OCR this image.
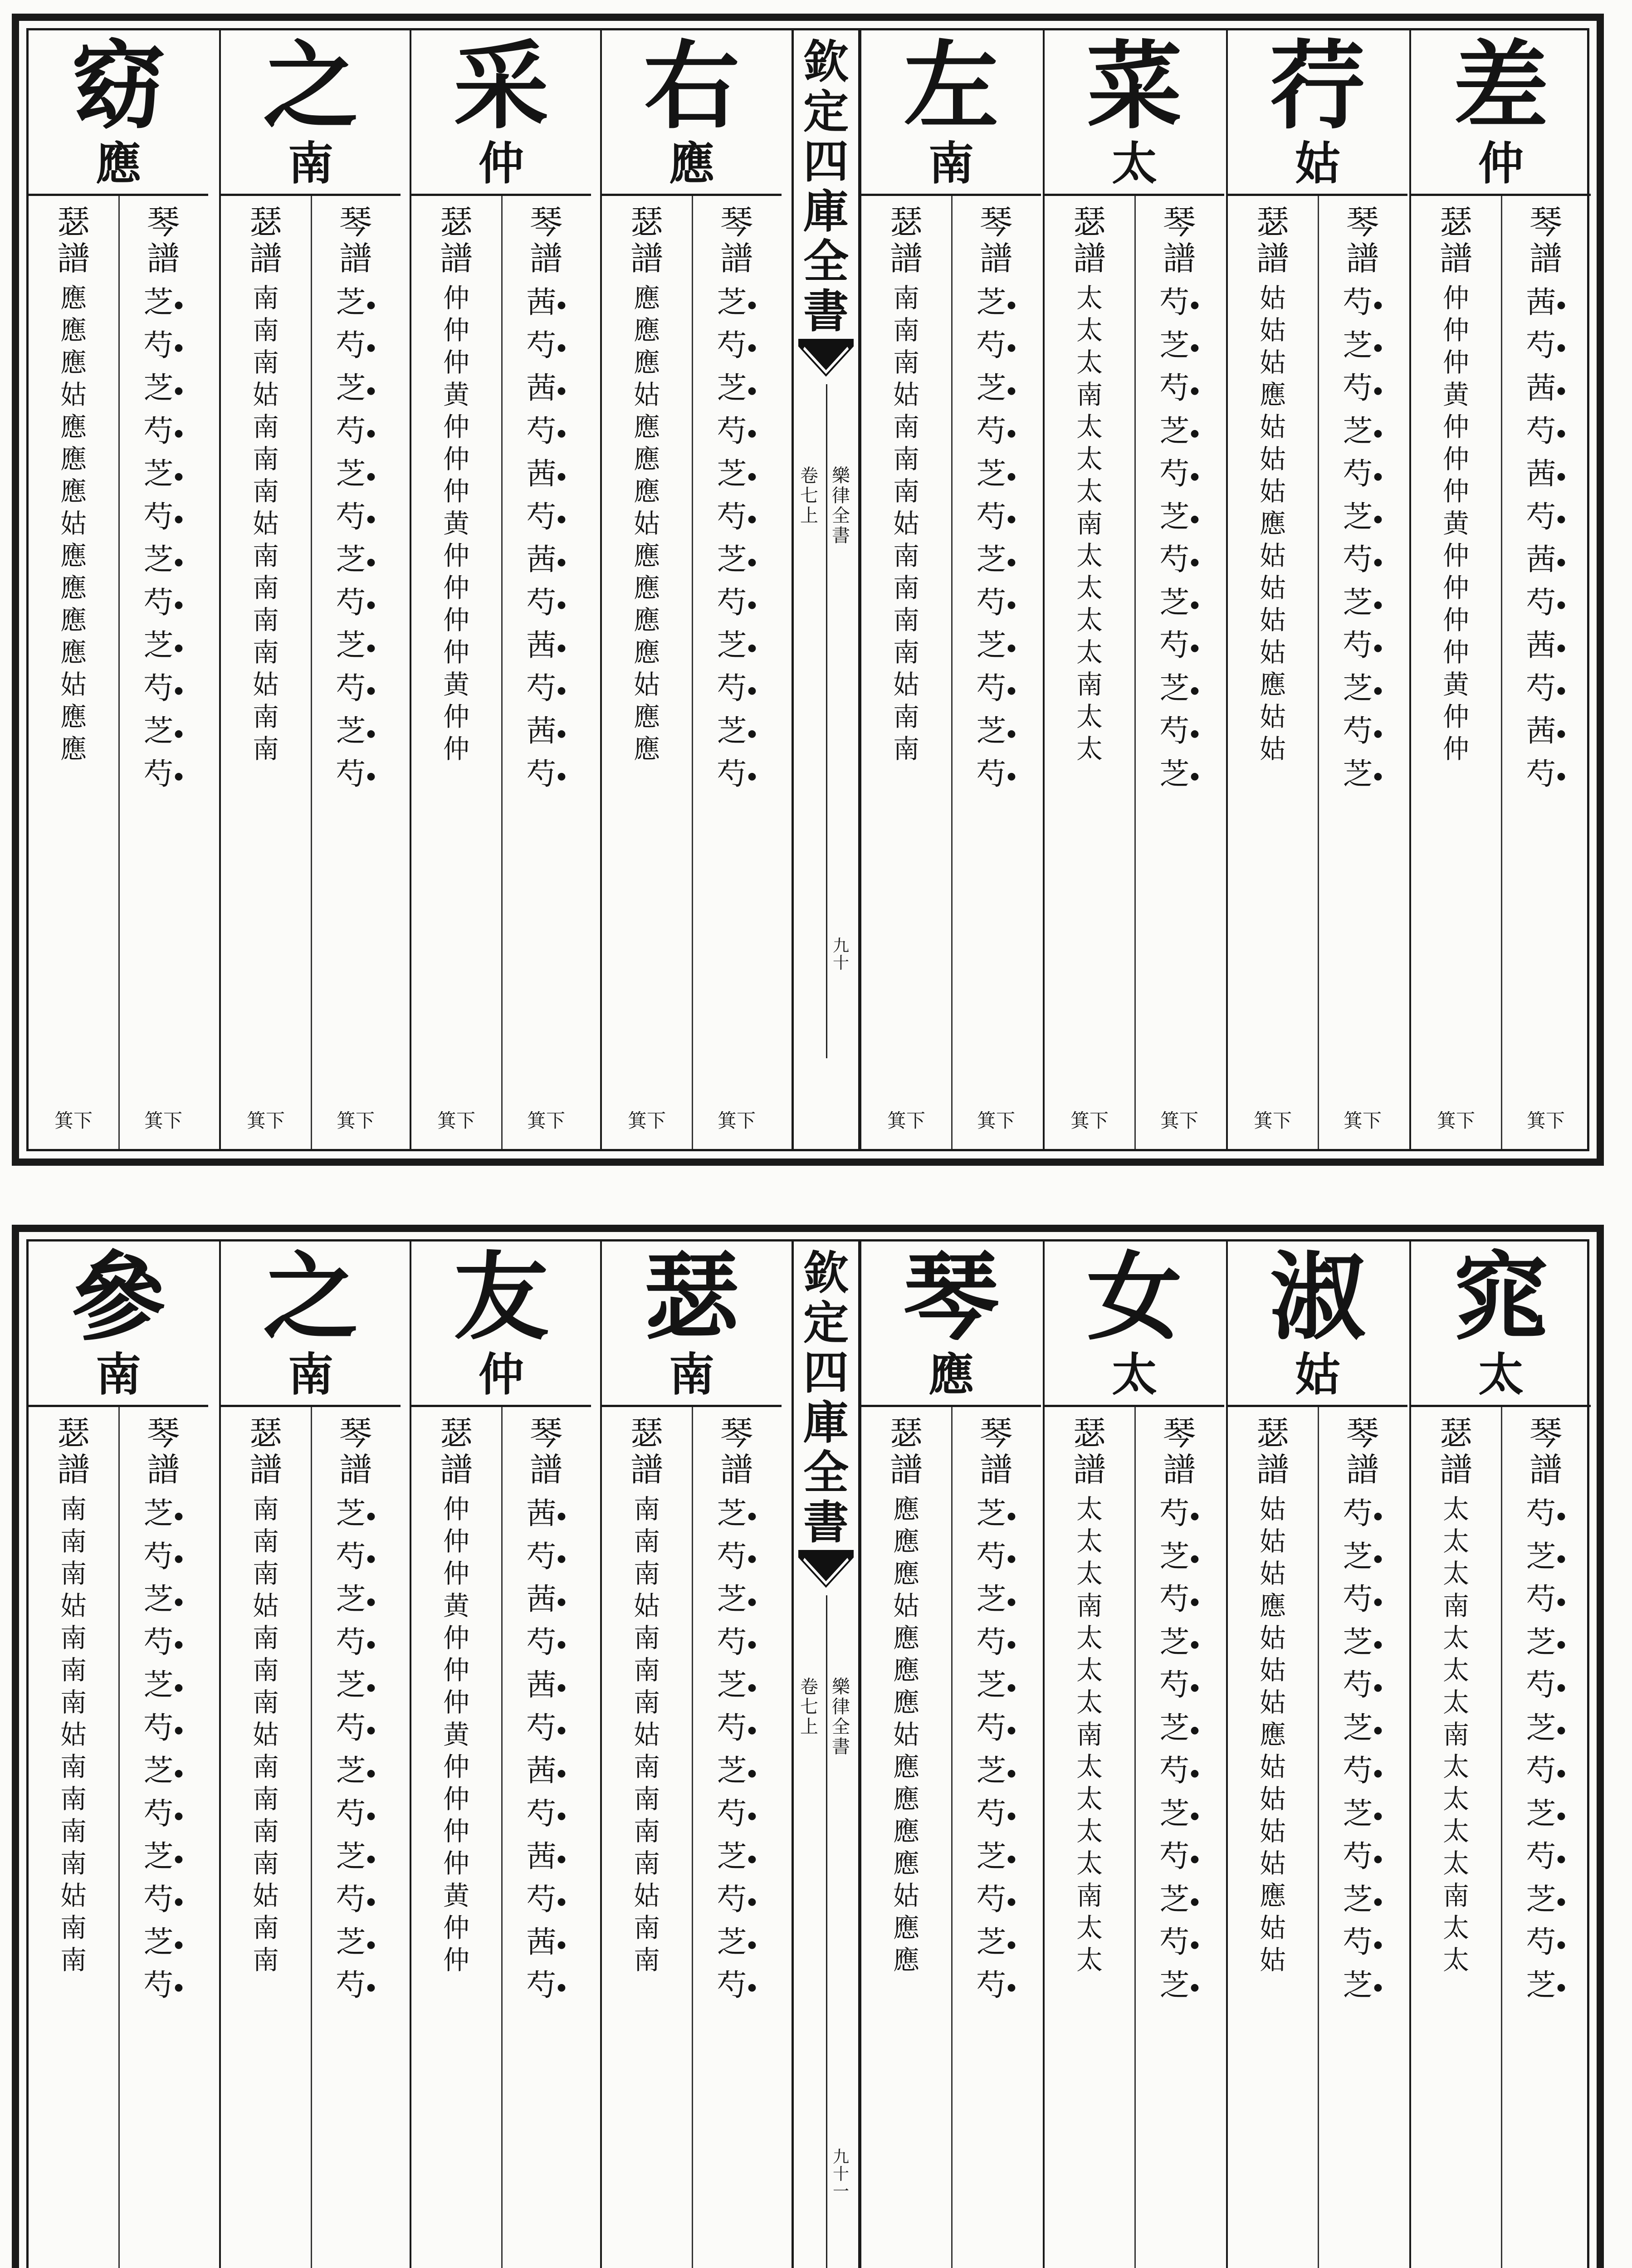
窈
應
琴
譜
芝 ●
芍 ●
芝 ●
芍 ●
芝 ●
芍 ●
芝 ●
芍 ●
芝 ●
芍 ●
芝 ●
芍 ●
箕下
瑟
譜
應
應
應
姑
應
應
應
姑
應
應
應
應
姑
應
應
箕下
之
南
琴
譜
芝 ●
芍 ●
芝 ●
芍 ●
芝 ●
芍 ●
芝 ●
芍 ●
芝 ●
芍 ●
芝 ●
芍 ●
箕下
瑟
譜
南
南
南
姑
南
南
南
姑
南
南
南
南
姑
南
南
箕下
采
仲
琴
譜
茜 ●
芍 ●
茜 ●
芍 ●
茜 ●
芍 ●
茜 ●
芍 ●
茜 ●
芍 ●
茜 ●
芍 ●
箕下
瑟
譜
仲
仲
仲
黄
仲
仲
仲
黄
仲
仲
仲
仲
黄
仲
仲
箕下
右
應
琴
譜
芝 ●
芍 ●
芝 ●
芍 ●
芝 ●
芍 ●
芝 ●
芍 ●
芝 ●
芍 ●
芝 ●
芍 ●
箕下
瑟
譜
應
應
應
姑
應
應
應
姑
應
應
應
應
姑
應
應
箕下
欽
定
四
庫
全
書
卷
七
上
樂
律
全
書
九
十
左
南
琴
譜
芝 ●
芍 ●
芝 ●
芍 ●
芝 ●
芍 ●
芝 ●
芍 ●
芝 ●
芍 ●
芝 ●
芍 ●
箕下
瑟
譜
南
南
南
姑
南
南
南
姑
南
南
南
南
姑
南
南
箕下
菜
太
琴
譜
芍 ●
芝 ●
芍 ●
芝 ●
芍 ●
芝 ●
芍 ●
芝 ●
芍 ●
芝 ●
芍 ●
芝 ●
箕下
瑟
譜
太
太
太
南
太
太
太
南
太
太
太
太
南
太
太
箕下
荇
姑
琴
譜
芍 ●
芝 ●
芍 ●
芝 ●
芍 ●
芝 ●
芍 ●
芝 ●
芍 ●
芝 ●
芍 ●
芝 ●
箕下
瑟
譜
姑
姑
姑
應
姑
姑
姑
應
姑
姑
姑
姑
應
姑
姑
箕下
差
仲
琴
譜
茜 ●
芍 ●
茜 ●
芍 ●
茜 ●
芍 ●
茜 ●
芍 ●
茜 ●
芍 ●
茜 ●
芍 ●
箕下
瑟
譜
仲
仲
仲
黄
仲
仲
仲
黄
仲
仲
仲
仲
黄
仲
仲
箕下
參
南
琴
譜
芝 ●
芍 ●
芝 ●
芍 ●
芝 ●
芍 ●
芝 ●
芍 ●
芝 ●
芍 ●
芝 ●
芍 ●
瑟
譜
南
南
南
姑
南
南
南
姑
南
南
南
南
姑
南
南
之
南
琴
譜
芝 ●
芍 ●
芝 ●
芍 ●
芝 ●
芍 ●
芝 ●
芍 ●
芝 ●
芍 ●
芝 ●
芍 ●
瑟
譜
南
南
南
姑
南
南
南
姑
南
南
南
南
姑
南
南
友
仲
琴
譜
茜 ●
芍 ●
茜 ●
芍 ●
茜 ●
芍 ●
茜 ●
芍 ●
茜 ●
芍 ●
茜 ●
芍 ●
瑟
譜
仲
仲
仲
黄
仲
仲
仲
黄
仲
仲
仲
仲
黄
仲
仲
瑟
南
琴
譜
芝 ●
芍 ●
芝 ●
芍 ●
芝 ●
芍 ●
芝 ●
芍 ●
芝 ●
芍 ●
芝 ●
芍 ●
瑟
譜
南
南
南
姑
南
南
南
姑
南
南
南
南
姑
南
南
欽
定
四
庫
全
書
卷
七
上
樂
律
全
書
九
十
一
琴
應
琴
譜
芝 ●
芍 ●
芝 ●
芍 ●
芝 ●
芍 ●
芝 ●
芍 ●
芝 ●
芍 ●
芝 ●
芍 ●
瑟
譜
應
應
應
姑
應
應
應
姑
應
應
應
應
姑
應
應
女
太
琴
譜
芍 ●
芝 ●
芍 ●
芝 ●
芍 ●
芝 ●
芍 ●
芝 ●
芍 ●
芝 ●
芍 ●
芝 ●
瑟
譜
太
太
太
南
太
太
太
南
太
太
太
太
南
太
太
淑
姑
琴
譜
芍 ●
芝 ●
芍 ●
芝 ●
芍 ●
芝 ●
芍 ●
芝 ●
芍 ●
芝 ●
芍 ●
芝 ●
瑟
譜
姑
姑
姑
應
姑
姑
姑
應
姑
姑
姑
姑
應
姑
姑
窕
太
琴
譜
芍 ●
芝 ●
芍 ●
芝 ●
芍 ●
芝 ●
芍 ●
芝 ●
芍 ●
芝 ●
芍 ●
芝 ●
瑟
譜
太
太
太
南
太
太
太
南
太
太
太
太
南
太
太
